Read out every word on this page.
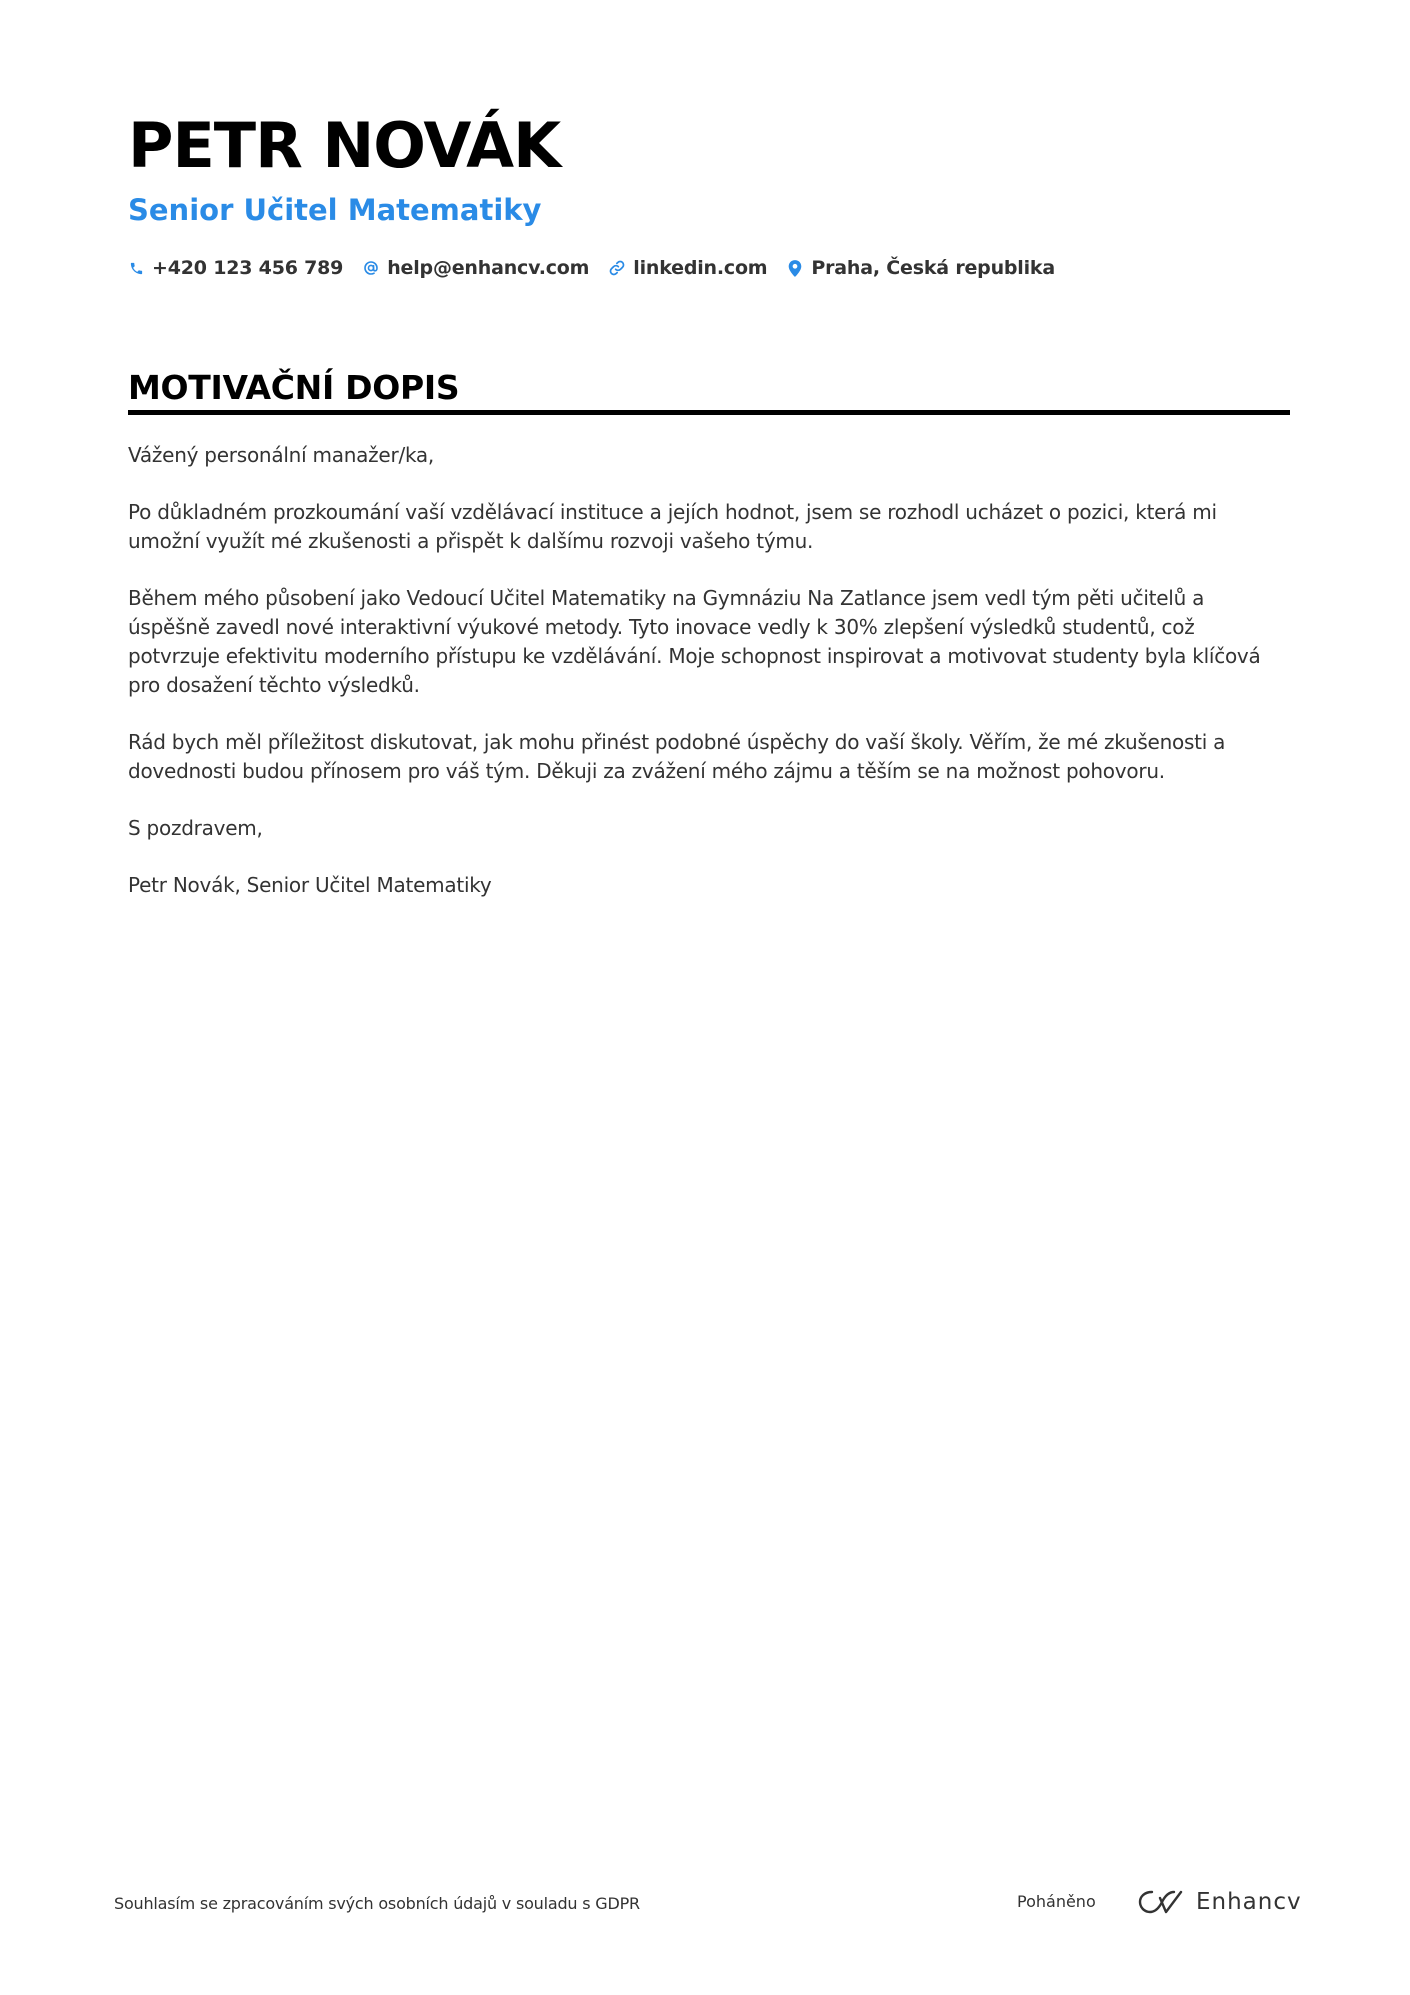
PETR NOVÁK
Senior Učitel Matematiky
+420 123 456 789 help@enhancv.com linkedin.com Praha, Česká republika
MOTIVAČNÍ DOPIS

Vážený personální manažer/ka,

Po důkladném prozkoumání vaší vzdělávací instituce a jejích hodnot, jsem se rozhodl ucházet o pozici, která mi umožní využít mé zkušenosti a přispět k dalšímu rozvoji vašeho týmu.

Během mého působení jako Vedoucí Učitel Matematiky na Gymnáziu Na Zatlance jsem vedl tým pěti učitelů a úspěšně zavedl nové interaktivní výukové metody. Tyto inovace vedly k 30% zlepšení výsledků studentů, což potvrzuje efektivitu moderního přístupu ke vzdělávání. Moje schopnost inspirovat a motivovat studenty byla klíčová pro dosažení těchto výsledků.

Rád bych měl příležitost diskutovat, jak mohu přinést podobné úspěchy do vaší školy. Věřím, že mé zkušenosti a dovednosti budou přínosem pro váš tým. Děkuji za zvážení mého zájmu a těším se na možnost pohovoru.

S pozdravem,

Petr Novák, Senior Učitel Matematiky

Souhlasím se zpracováním svých osobních údajů v souladu s GDPR	Poháněno	Enhancv
